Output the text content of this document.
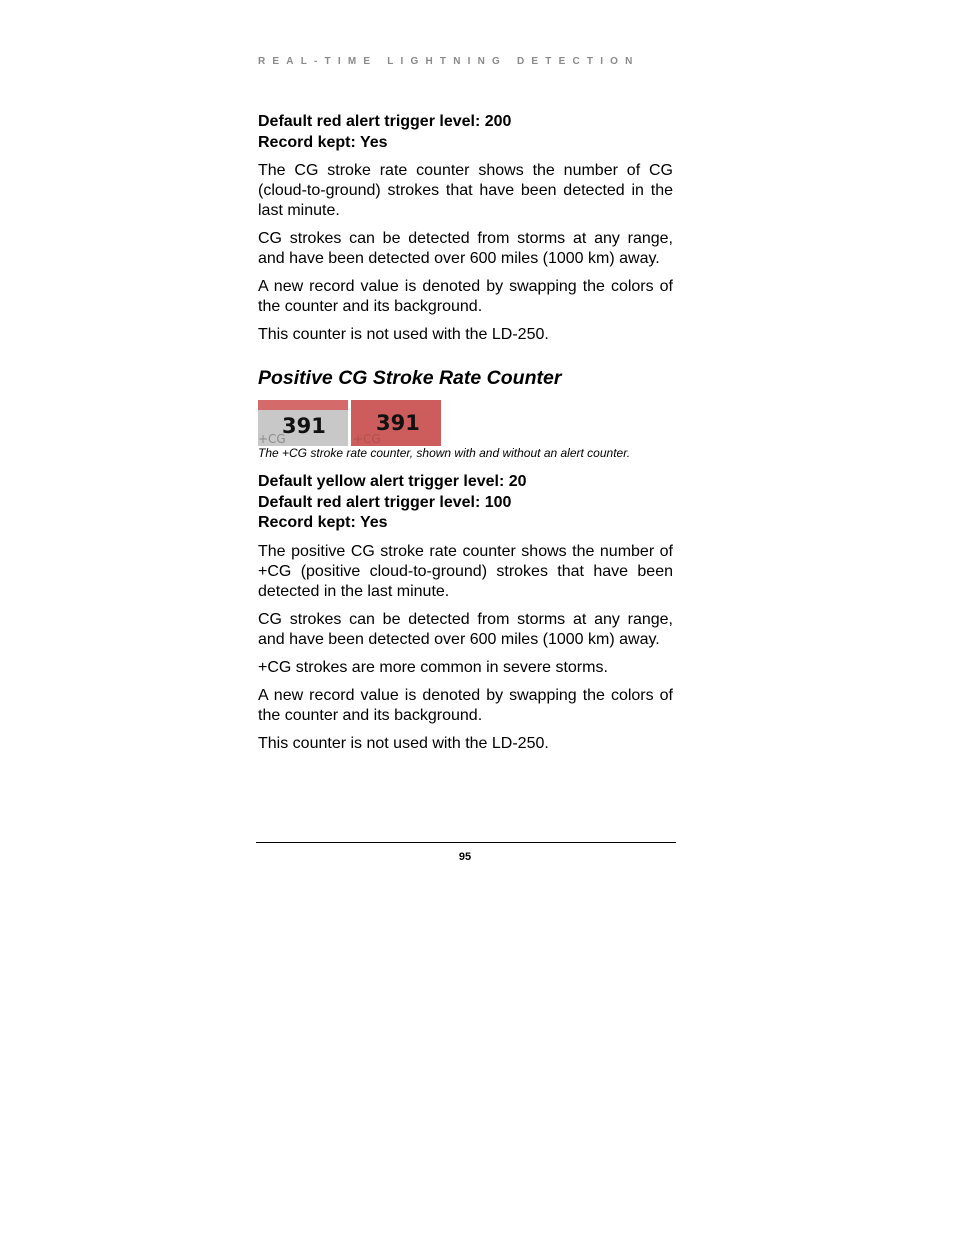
REAL-TIME LIGHTNING DETECTION
Default red alert trigger level: 200
Record kept: Yes

The CG stroke rate counter shows the number of CG (cloud-to-ground) strokes that have been detected in the last minute.

CG strokes can be detected from storms at any range, and have been detected over 600 miles (1000 km) away.

A new record value is denoted by swapping the colors of the counter and its background.

This counter is not used with the LD-250.

Positive CG Stroke Rate Counter
391
+CG
391
+CG
The +CG stroke rate counter, shown with and without an alert counter.
Default yellow alert trigger level: 20
Default red alert trigger level: 100
Record kept: Yes

The positive CG stroke rate counter shows the number of +CG (positive cloud-to-ground) strokes that have been detected in the last minute.

CG strokes can be detected from storms at any range, and have been detected over 600 miles (1000 km) away.

+CG strokes are more common in severe storms.

A new record value is denoted by swapping the colors of the counter and its background.

This counter is not used with the LD-250.

95
